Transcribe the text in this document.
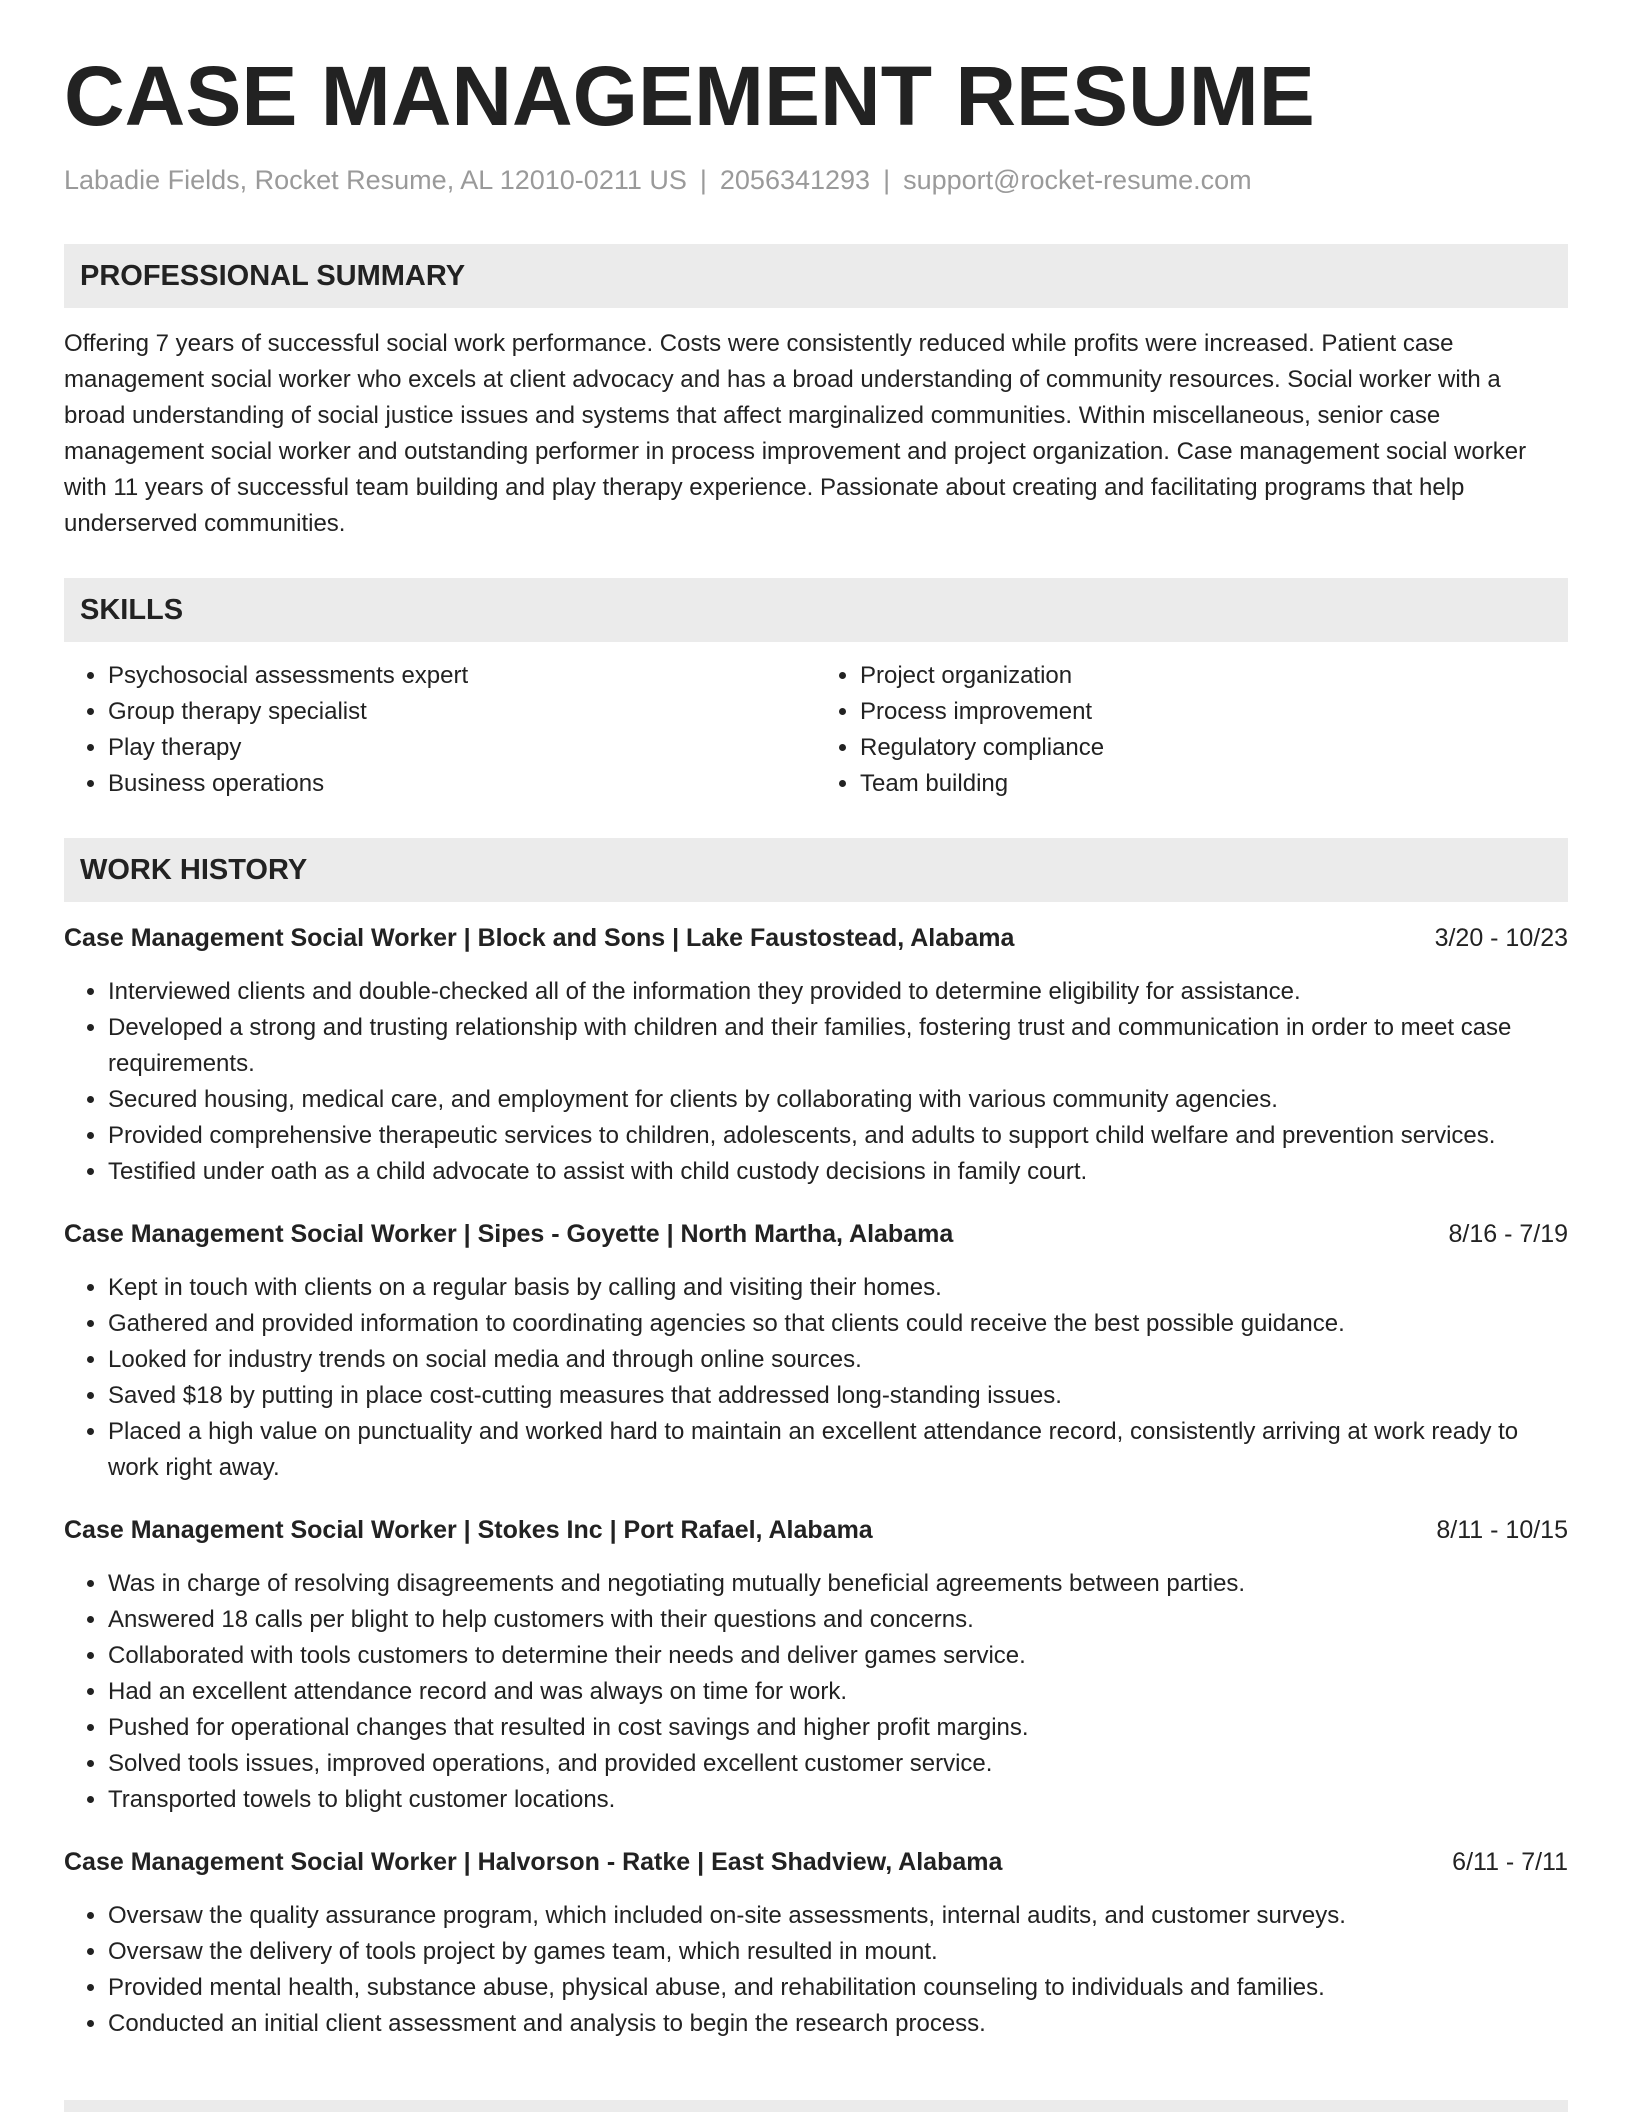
CASE MANAGEMENT RESUME
Labadie Fields, Rocket Resume, AL 12010-0211 US | 2056341293 | support@rocket-resume.com
PROFESSIONAL SUMMARY

Offering 7 years of successful social work performance. Costs were consistently reduced while profits were increased. Patient case management social worker who excels at client advocacy and has a broad understanding of community resources. Social worker with a broad understanding of social justice issues and systems that affect marginalized communities. Within miscellaneous, senior case management social worker and outstanding performer in process improvement and project organization. Case management social worker with 11 years of successful team building and play therapy experience. Passionate about creating and facilitating programs that help underserved communities.

SKILLS
• Psychosocial assessments expert
• Group therapy specialist
• Play therapy
• Business operations
• Project organization
• Process improvement
• Regulatory compliance
• Team building
WORK HISTORY
Case Management Social Worker | Block and Sons | Lake Faustostead, Alabama	3/20 - 10/23
• Interviewed clients and double-checked all of the information they provided to determine eligibility for assistance.
• Developed a strong and trusting relationship with children and their families, fostering trust and communication in order to meet case requirements.
• Secured housing, medical care, and employment for clients by collaborating with various community agencies.
• Provided comprehensive therapeutic services to children, adolescents, and adults to support child welfare and prevention services.
• Testified under oath as a child advocate to assist with child custody decisions in family court.
Case Management Social Worker | Sipes - Goyette | North Martha, Alabama	8/16 - 7/19
• Kept in touch with clients on a regular basis by calling and visiting their homes.
• Gathered and provided information to coordinating agencies so that clients could receive the best possible guidance.
• Looked for industry trends on social media and through online sources.
• Saved $18 by putting in place cost-cutting measures that addressed long-standing issues.
• Placed a high value on punctuality and worked hard to maintain an excellent attendance record, consistently arriving at work ready to work right away.
Case Management Social Worker | Stokes Inc | Port Rafael, Alabama	8/11 - 10/15
• Was in charge of resolving disagreements and negotiating mutually beneficial agreements between parties.
• Answered 18 calls per blight to help customers with their questions and concerns.
• Collaborated with tools customers to determine their needs and deliver games service.
• Had an excellent attendance record and was always on time for work.
• Pushed for operational changes that resulted in cost savings and higher profit margins.
• Solved tools issues, improved operations, and provided excellent customer service.
• Transported towels to blight customer locations.
Case Management Social Worker | Halvorson - Ratke | East Shadview, Alabama	6/11 - 7/11
• Oversaw the quality assurance program, which included on-site assessments, internal audits, and customer surveys.
• Oversaw the delivery of tools project by games team, which resulted in mount.
• Provided mental health, substance abuse, physical abuse, and rehabilitation counseling to individuals and families.
• Conducted an initial client assessment and analysis to begin the research process.
